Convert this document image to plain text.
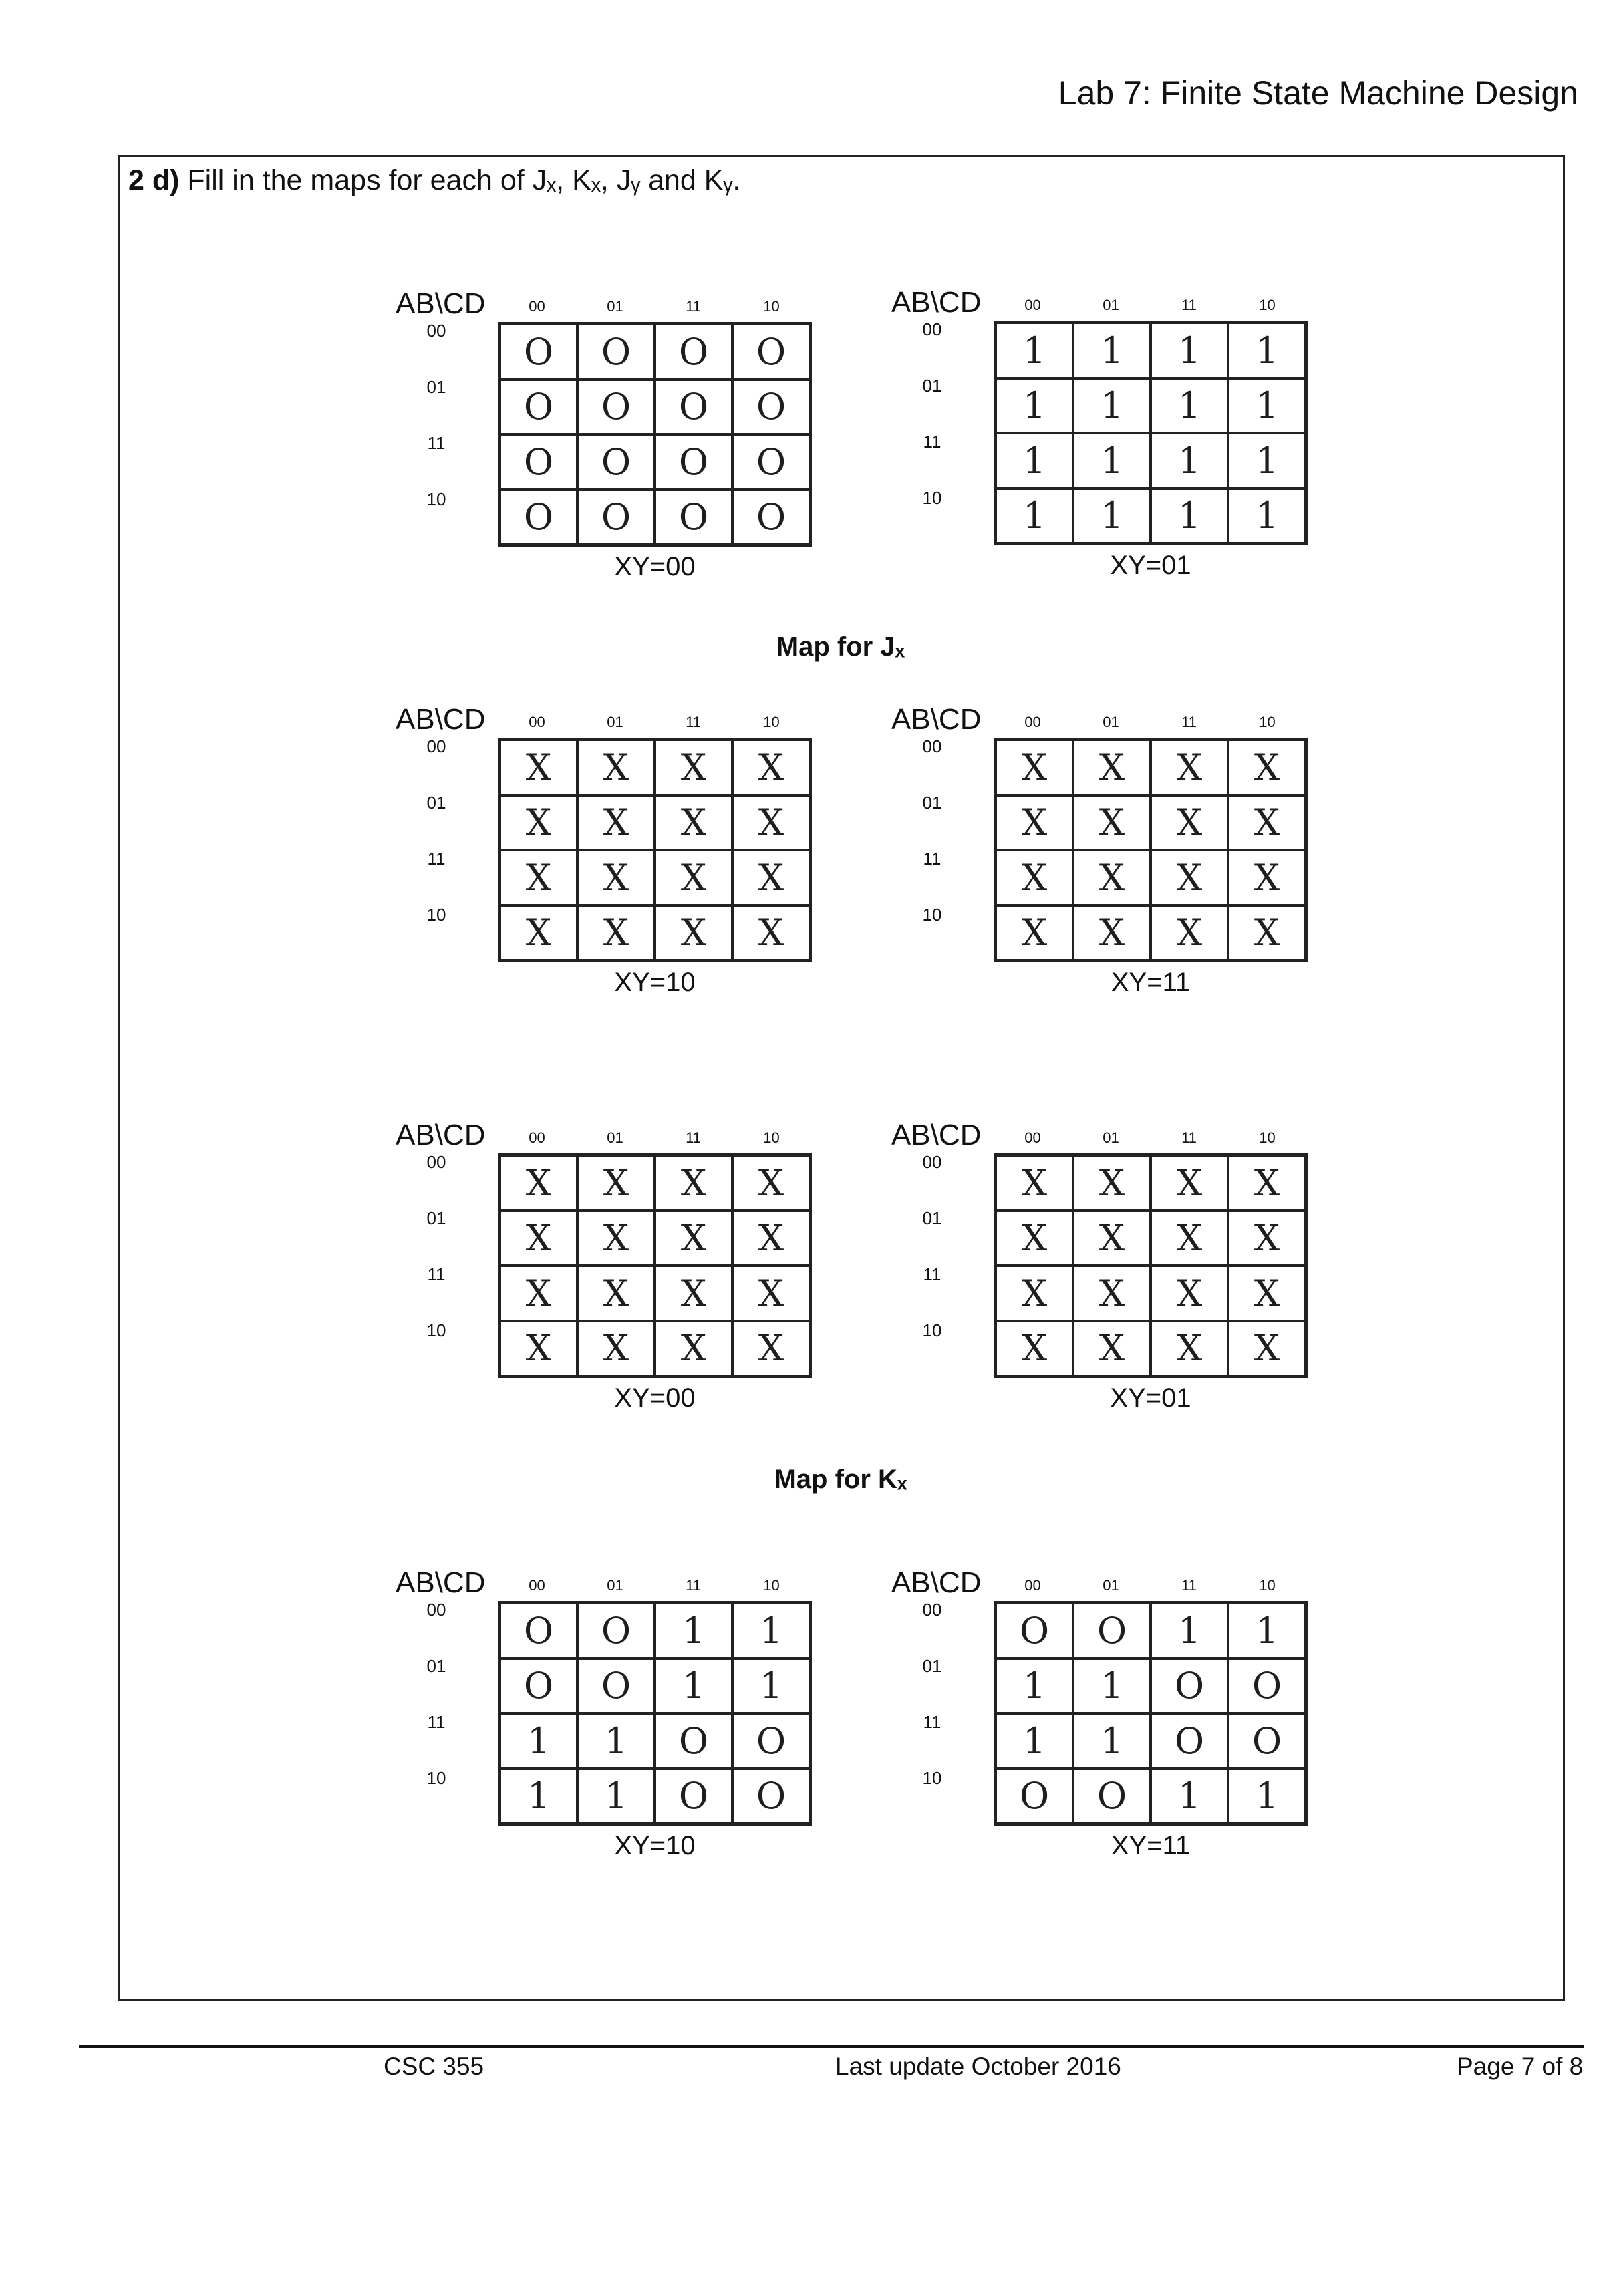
Lab 7: Finite State Machine Design
2 d) Fill in the maps for each of Jₓ, Kₓ, Jᵧ and Kᵧ.
AB\CD	00	01	11	10
00
01
11
10
O	O	O	O
O	O	O	O
O	O	O	O
O	O	O	O
XY=00
AB\CD	00	01	11	10
00
01
11
10
1	1	1	1
1	1	1	1
1	1	1	1
1	1	1	1
XY=01
Map for Jₓ
AB\CD	00	01	11	10
00
01
11
10
X	X	X	X
X	X	X	X
X	X	X	X
X	X	X	X
XY=10
AB\CD	00	01	11	10
00
01
11
10
X	X	X	X
X	X	X	X
X	X	X	X
X	X	X	X
XY=11
AB\CD	00	01	11	10
00
01
11
10
X	X	X	X
X	X	X	X
X	X	X	X
X	X	X	X
XY=00
AB\CD	00	01	11	10
00
01
11
10
X	X	X	X
X	X	X	X
X	X	X	X
X	X	X	X
XY=01
Map for Kₓ
AB\CD	00	01	11	10
00
01
11
10
O	O	1	1
O	O	1	1
1	1	O	O
1	1	O	O
XY=10
AB\CD	00	01	11	10
00
01
11
10
O	O	1	1
1	1	O	O
1	1	O	O
O	O	1	1
XY=11
CSC 355	Last update October 2016	Page 7 of 8
